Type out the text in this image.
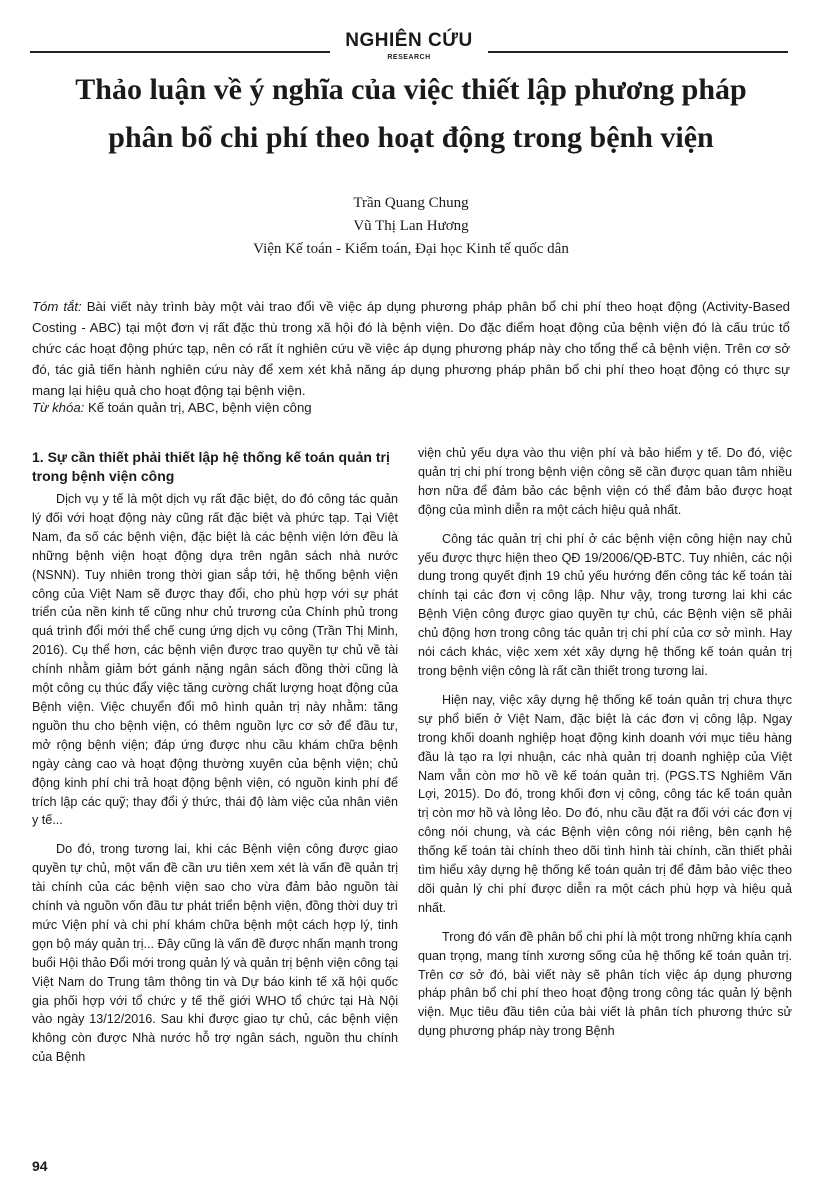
NGHIÊN CỨU
RESEARCH
Thảo luận về ý nghĩa của việc thiết lập phương pháp phân bổ chi phí theo hoạt động trong bệnh viện
Trần Quang Chung
Vũ Thị Lan Hương
Viện Kế toán - Kiểm toán, Đại học Kinh tế quốc dân
Tóm tắt: Bài viết này trình bày một vài trao đổi về việc áp dụng phương pháp phân bổ chi phí theo hoạt động (Activity-Based Costing - ABC) tại một đơn vị rất đặc thù trong xã hội đó là bệnh viện. Do đặc điểm hoạt động của bệnh viện đó là cấu trúc tổ chức các hoạt động phức tạp, nên có rất ít nghiên cứu về việc áp dụng phương pháp này cho tổng thể cả bệnh viện. Trên cơ sở đó, tác giả tiến hành nghiên cứu này để xem xét khả năng áp dụng phương pháp phân bổ chi phí theo hoạt động có thực sự mang lại hiệu quả cho hoạt động tại bệnh viện.
Từ khóa: Kế toán quản trị, ABC, bệnh viện công
1. Sự cần thiết phải thiết lập hệ thống kế toán quản trị trong bệnh viện công

Dịch vụ y tế là một dịch vụ rất đặc biệt, do đó công tác quản lý đối với hoạt động này cũng rất đặc biệt và phức tạp. Tại Việt Nam, đa số các bệnh viện, đặc biệt là các bệnh viện lớn đều là những bệnh viện hoạt động dựa trên ngân sách nhà nước (NSNN). Tuy nhiên trong thời gian sắp tới, hệ thống bệnh viện công của Việt Nam sẽ được thay đổi, cho phù hợp với sự phát triển của nền kinh tế cũng như chủ trương của Chính phủ trong quá trình đổi mới thể chế cung ứng dịch vụ công (Trần Thị Minh, 2016). Cụ thể hơn, các bệnh viện được trao quyền tự chủ về tài chính nhằm giảm bớt gánh nặng ngân sách đồng thời cũng là một công cụ thúc đẩy việc tăng cường chất lượng hoạt động của Bệnh viện. Việc chuyển đổi mô hình quản trị này nhằm: tăng nguồn thu cho bệnh viện, có thêm nguồn lực cơ sở để đầu tư, mở rộng bệnh viện; đáp ứng được nhu cầu khám chữa bệnh ngày càng cao và hoạt động thường xuyên của bệnh viện; chủ động kinh phí chi trả hoạt động bệnh viện, có nguồn kinh phí để trích lập các quỹ; thay đổi ý thức, thái độ làm việc của nhân viên y tế...

Do đó, trong tương lai, khi các Bệnh viện công được giao quyền tự chủ, một vấn đề cần ưu tiên xem xét là vấn đề quản trị tài chính của các bệnh viện sao cho vừa đảm bảo nguồn tài chính và nguồn vốn đầu tư phát triển bệnh viện, đồng thời duy trì mức Viện phí và chi phí khám chữa bệnh một cách hợp lý, tinh gọn bộ máy quản trị... Đây cũng là vấn đề được nhấn mạnh trong buổi Hội thảo Đổi mới trong quản lý và quản trị bệnh viện công tại Việt Nam do Trung tâm thông tin và Dự báo kinh tế xã hội quốc gia phối hợp với tổ chức y tế thế giới WHO tổ chức tại Hà Nội vào ngày 13/12/2016. Sau khi được giao tự chủ, các bệnh viện không còn được Nhà nước hỗ trợ ngân sách, nguồn thu chính của Bệnh

viện chủ yếu dựa vào thu viện phí và bảo hiểm y tế. Do đó, việc quản trị chi phí trong bệnh viện công sẽ cần được quan tâm nhiều hơn nữa để đảm bảo các bệnh viện có thể đảm bảo được hoạt động của mình diễn ra một cách hiệu quả nhất.

Công tác quản trị chi phí ở các bệnh viện công hiện nay chủ yếu được thực hiện theo QĐ 19/2006/QĐ-BTC. Tuy nhiên, các nội dung trong quyết định 19 chủ yếu hướng đến công tác kế toán tài chính tại các đơn vị công lập. Như vậy, trong tương lai khi các Bệnh Viện công được giao quyền tự chủ, các Bệnh viện sẽ phải chủ động hơn trong công tác quản trị chi phí của cơ sở mình. Hay nói cách khác, việc xem xét xây dựng hệ thống kế toán quản trị trong bệnh viện công là rất cần thiết trong tương lai.

Hiện nay, việc xây dựng hệ thống kế toán quản trị chưa thực sự phổ biến ở Việt Nam, đặc biệt là các đơn vị công lập. Ngay trong khối doanh nghiệp hoạt động kinh doanh với mục tiêu hàng đầu là tạo ra lợi nhuận, các nhà quản trị doanh nghiệp của Việt Nam vẫn còn mơ hồ về kế toán quản trị. (PGS.TS Nghiêm Văn Lợi, 2015). Do đó, trong khối đơn vị công, công tác kế toán quản trị còn mơ hồ và lỏng lẻo. Do đó, nhu cầu đặt ra đối với các đơn vị công nói chung, và các Bệnh viện công nói riêng, bên cạnh hệ thống kế toán tài chính theo dõi tình hình tài chính, cần thiết phải tìm hiểu xây dựng hệ thống kế toán quản trị để đảm bảo việc theo dõi quản lý chi phí được diễn ra một cách phù hợp và hiệu quả nhất.

Trong đó vấn đề phân bổ chi phí là một trong những khía cạnh quan trọng, mang tính xương sống của hệ thống kế toán quản trị. Trên cơ sở đó, bài viết này sẽ phân tích việc áp dụng phương pháp phân bổ chi phí theo hoạt động trong công tác quản lý bệnh viện. Mục tiêu đầu tiên của bài viết là phân tích phương thức sử dụng phương pháp này trong Bệnh

94
